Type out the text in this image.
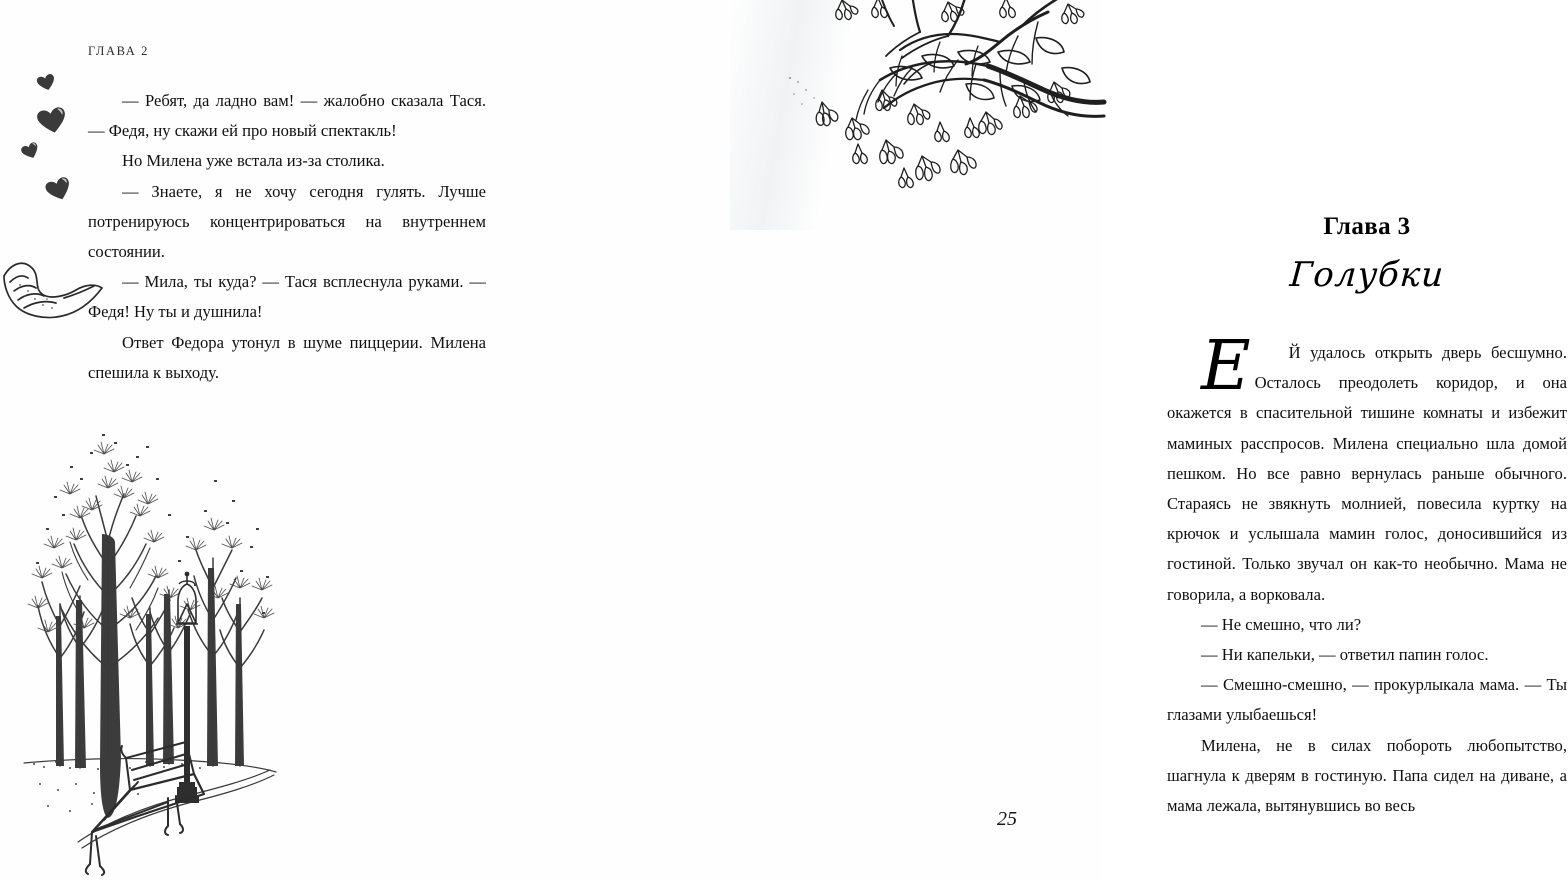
ГЛАВА 2

— Ребят, да ладно вам! — жалобно сказала Тася. — Федя, ну скажи ей про новый спектакль!

Но Милена уже встала из-за столика.

— Знаете, я не хочу сегодня гулять. Лучше потренируюсь концентрироваться на внутреннем состоянии.

— Мила, ты куда? — Тася всплеснула руками. — Федя! Ну ты и душнила!

Ответ Федора утонул в шуме пиццерии. Милена спешила к выходу.

Глава 3
Голубки

Е Й удалось открыть дверь бесшумно. Осталось преодолеть коридор, и она окажется в спасительной тишине комнаты и избежит маминых расспросов. Милена специально шла домой пешком. Но все равно вернулась раньше обычного. Стараясь не звякнуть молнией, повесила куртку на крючок и услышала мамин голос, доносившийся из гостиной. Только звучал он как-то необычно. Мама не говорила, а ворковала.

— Не смешно, что ли?

— Ни капельки, — ответил папин голос.

— Смешно-смешно, — прокурлыкала мама. — Ты глазами улыбаешься!

Милена, не в силах побороть любопытство, шагнула к дверям в гостиную. Папа сидел на диване, а мама лежала, вытянувшись во весь

25
